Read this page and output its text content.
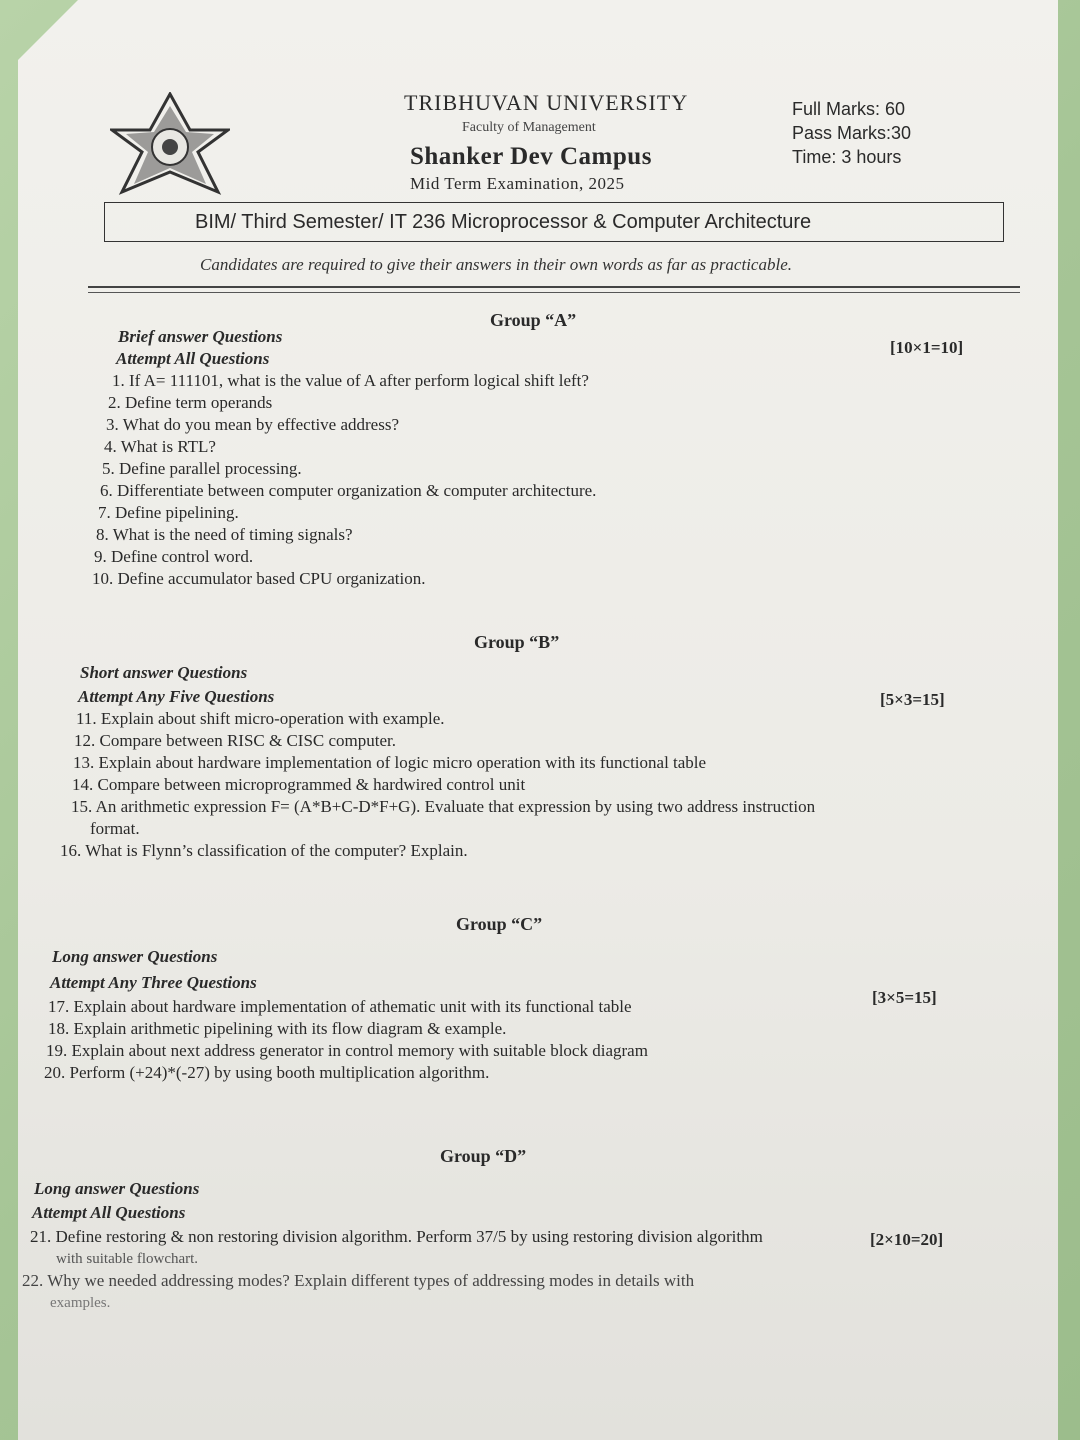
TRIBHUVAN UNIVERSITY
Faculty of Management
Shanker Dev Campus
Mid Term Examination, 2025
Full Marks: 60
Pass Marks:30
Time: 3 hours
BIM/ Third Semester/ IT 236 Microprocessor & Computer Architecture
Candidates are required to give their answers in their own words as far as practicable.
Group “A”
Brief answer Questions
Attempt All Questions
[10×1=10]
1. If A= 111101, what is the value of A after perform logical shift left?
2. Define term operands
3. What do you mean by effective address?
4. What is RTL?
5. Define parallel processing.
6. Differentiate between computer organization & computer architecture.
7. Define pipelining.
8. What is the need of timing signals?
9. Define control word.
10. Define accumulator based CPU organization.
Group “B”
Short answer Questions
Attempt Any Five Questions	[5×3=15]
11. Explain about shift micro-operation with example.
12. Compare between RISC & CISC computer.
13. Explain about hardware implementation of logic micro operation with its functional table
14. Compare between microprogrammed & hardwired control unit
15. An arithmetic expression F= (A*B+C-D*F+G). Evaluate that expression by using two address instruction
format.
16. What is Flynn’s classification of the computer? Explain.
Group “C”
Long answer Questions
Attempt Any Three Questions
[3×5=15]
17. Explain about hardware implementation of athematic unit with its functional table
18. Explain arithmetic pipelining with its flow diagram & example.
19. Explain about next address generator in control memory with suitable block diagram
20. Perform (+24)*(-27) by using booth multiplication algorithm.
Group “D”
Long answer Questions
Attempt All Questions
[2×10=20]
21. Define restoring & non restoring division algorithm. Perform 37/5 by using restoring division algorithm
with suitable flowchart.
22. Why we needed addressing modes? Explain different types of addressing modes in details with
examples.
